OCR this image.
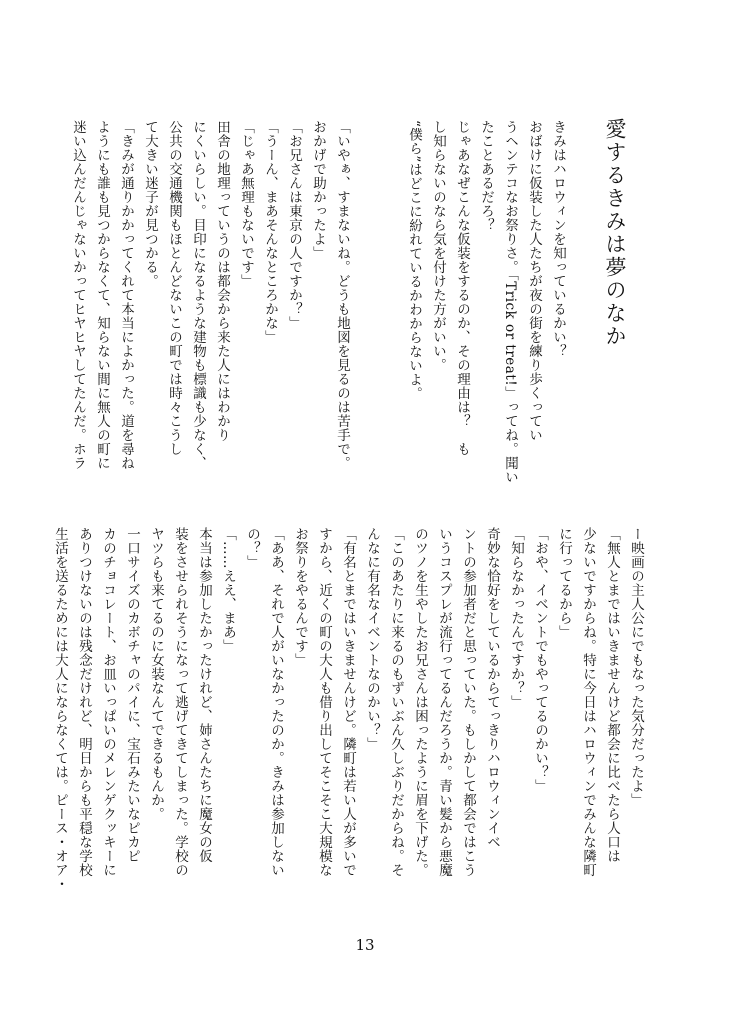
愛するきみは夢のなか
きみはハロウィンを知っているかい？
おばけに仮装した人たちが夜の街を練り歩くってい
うヘンテコなお祭りさ。「Trick or treat!」ってね。聞い
たことあるだろ？
じゃあなぜこんな仮装をするのか、その理由は？　も
し知らないのなら気を付けた方がいい。
“僕ら”はどこに紛れているかわからないよ。

「いやぁ、すまないね。どうも地図を見るのは苦手で。
おかげで助かったよ」
「お兄さんは東京の人ですか？」
「うーん、まあそんなところかな」
「じゃあ無理もないです」
田舎の地理っていうのは都会から来た人にはわかり
にくいらしい。目印になるような建物も標識も少なく、
公共の交通機関もほとんどないこの町では時々こうし
て大きい迷子が見つかる。
「きみが通りかかってくれて本当によかった。道を尋ね
ようにも誰も見つからなくて、知らない間に無人の町に
迷い込んだんじゃないかってヒヤヒヤしてたんだ。ホラ
ー映画の主人公にでもなった気分だったよ」
「無人とまではいきませんけど都会に比べたら人口は
少ないですからね。特に今日はハロウィンでみんな隣町
に行ってるから」
「おや、イベントでもやってるのかい？」
「知らなかったんですか？」
奇妙な恰好をしているからてっきりハロウィンイベ
ントの参加者だと思っていた。もしかして都会ではこう
いうコスプレが流行ってるんだろうか。青い髪から悪魔
のツノを生やしたお兄さんは困ったように眉を下げた。
「このあたりに来るのもずいぶん久しぶりだからね。そ
んなに有名なイベントなのかい？」
「有名とまではいきませんけど。隣町は若い人が多いで
すから、近くの町の大人も借り出してそこそこ大規模な
お祭りをやるんです」
「ああ、それで人がいなかったのか。きみは参加しない
の？」
「……ええ、まあ」
本当は参加したかったけれど、姉さんたちに魔女の仮
装をさせられそうになって逃げてきてしまった。学校の
ヤツらも来てるのに女装なんてできるもんか。
一口サイズのカボチャのパイに、宝石みたいなピカピ
カのチョコレート、お皿いっぱいのメレンゲクッキーに
ありつけないのは残念だけれど、明日からも平穏な学校
生活を送るためには大人にならなくては。ピース・オア・
13
